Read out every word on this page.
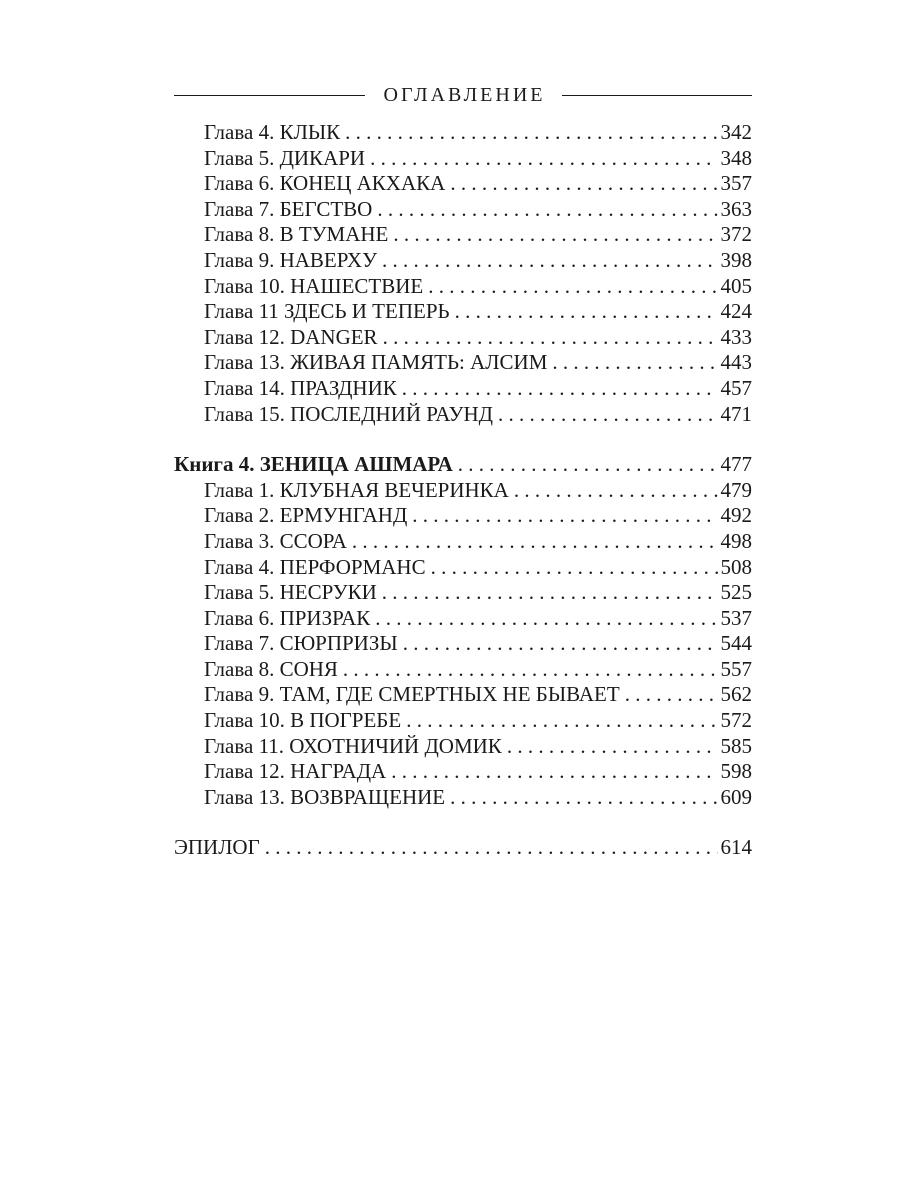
ОГЛАВЛЕНИЕ
Глава 4. КЛЫК . . .	342
Глава 5. ДИКАРИ . . .	348
Глава 6. КОНЕЦ АКХАКА . . .	357
Глава 7. БЕГСТВО . . .	363
Глава 8. В ТУМАНЕ . . .	372
Глава 9. НАВЕРХУ . . .	398
Глава 10. НАШЕСТВИЕ . . .	405
Глава 11 ЗДЕСЬ И ТЕПЕРЬ . . .	424
Глава 12. DANGER . . .	433
Глава 13. ЖИВАЯ ПАМЯТЬ: АЛСИМ . . .	443
Глава 14. ПРАЗДНИК . . .	457
Глава 15. ПОСЛЕДНИЙ РАУНД . . .	471
Книга 4. ЗЕНИЦА АШМАРА . . .	477
Глава 1. КЛУБНАЯ ВЕЧЕРИНКА . . .	479
Глава 2. ЕРМУНГАНД . . .	492
Глава 3. ССОРА . . .	498
Глава 4. ПЕРФОРМАНС . . .	508
Глава 5. НЕСРУКИ . . .	525
Глава 6. ПРИЗРАК . . .	537
Глава 7. СЮРПРИЗЫ . . .	544
Глава 8. СОНЯ . . .	557
Глава 9. ТАМ, ГДЕ СМЕРТНЫХ НЕ БЫВАЕТ . . .	562
Глава 10. В ПОГРЕБЕ . . .	572
Глава 11. ОХОТНИЧИЙ ДОМИК . . .	585
Глава 12. НАГРАДА . . .	598
Глава 13. ВОЗВРАЩЕНИЕ . . .	609
ЭПИЛОГ . . .	614
